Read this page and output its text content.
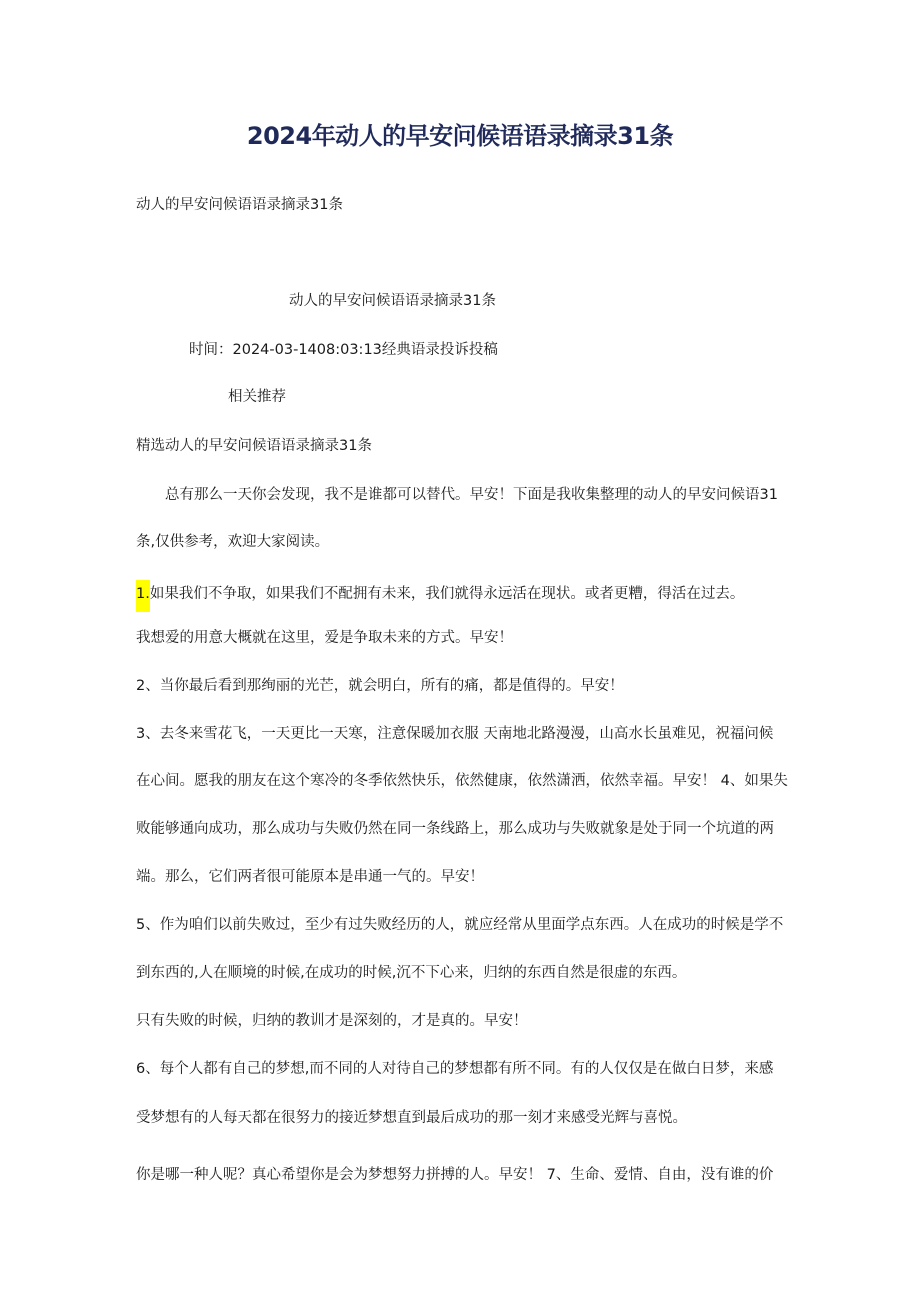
2024年动人的早安问候语语录摘录31条
动人的早安问候语语录摘录31条
动人的早安问候语语录摘录31条
时间：2024-03-1408:03:13经典语录投诉投稿
相关推荐
精选动人的早安问候语语录摘录31条
总有那么一天你会发现，我不是谁都可以替代。早安！下面是我收集整理的动人的早安问候语31
条,仅供参考，欢迎大家阅读。
1.如果我们不争取，如果我们不配拥有未来，我们就得永远活在现状。或者更糟，得活在过去。
我想爱的用意大概就在这里，爱是争取未来的方式。早安！
2、当你最后看到那绚丽的光芒，就会明白，所有的痛，都是值得的。早安！
3、去冬来雪花飞，一天更比一天寒，注意保暖加衣服 天南地北路漫漫，山高水长虽难见，祝福问候
在心间。愿我的朋友在这个寒冷的冬季依然快乐，依然健康，依然潇洒，依然幸福。早安！ 4、如果失
败能够通向成功，那么成功与失败仍然在同一条线路上，那么成功与失败就象是处于同一个坑道的两
端。那么，它们两者很可能原本是串通一气的。早安！
5、作为咱们以前失败过，至少有过失败经历的人，就应经常从里面学点东西。人在成功的时候是学不
到东西的,人在顺境的时候,在成功的时候,沉不下心来，归纳的东西自然是很虚的东西。
只有失败的时候，归纳的教训才是深刻的，才是真的。早安！
6、每个人都有自己的梦想,而不同的人对待自己的梦想都有所不同。有的人仅仅是在做白日梦，来感
受梦想有的人每天都在很努力的接近梦想直到最后成功的那一刻才来感受光辉与喜悦。
你是哪一种人呢？真心希望你是会为梦想努力拼搏的人。早安！ 7、生命、爱情、自由，没有谁的价
